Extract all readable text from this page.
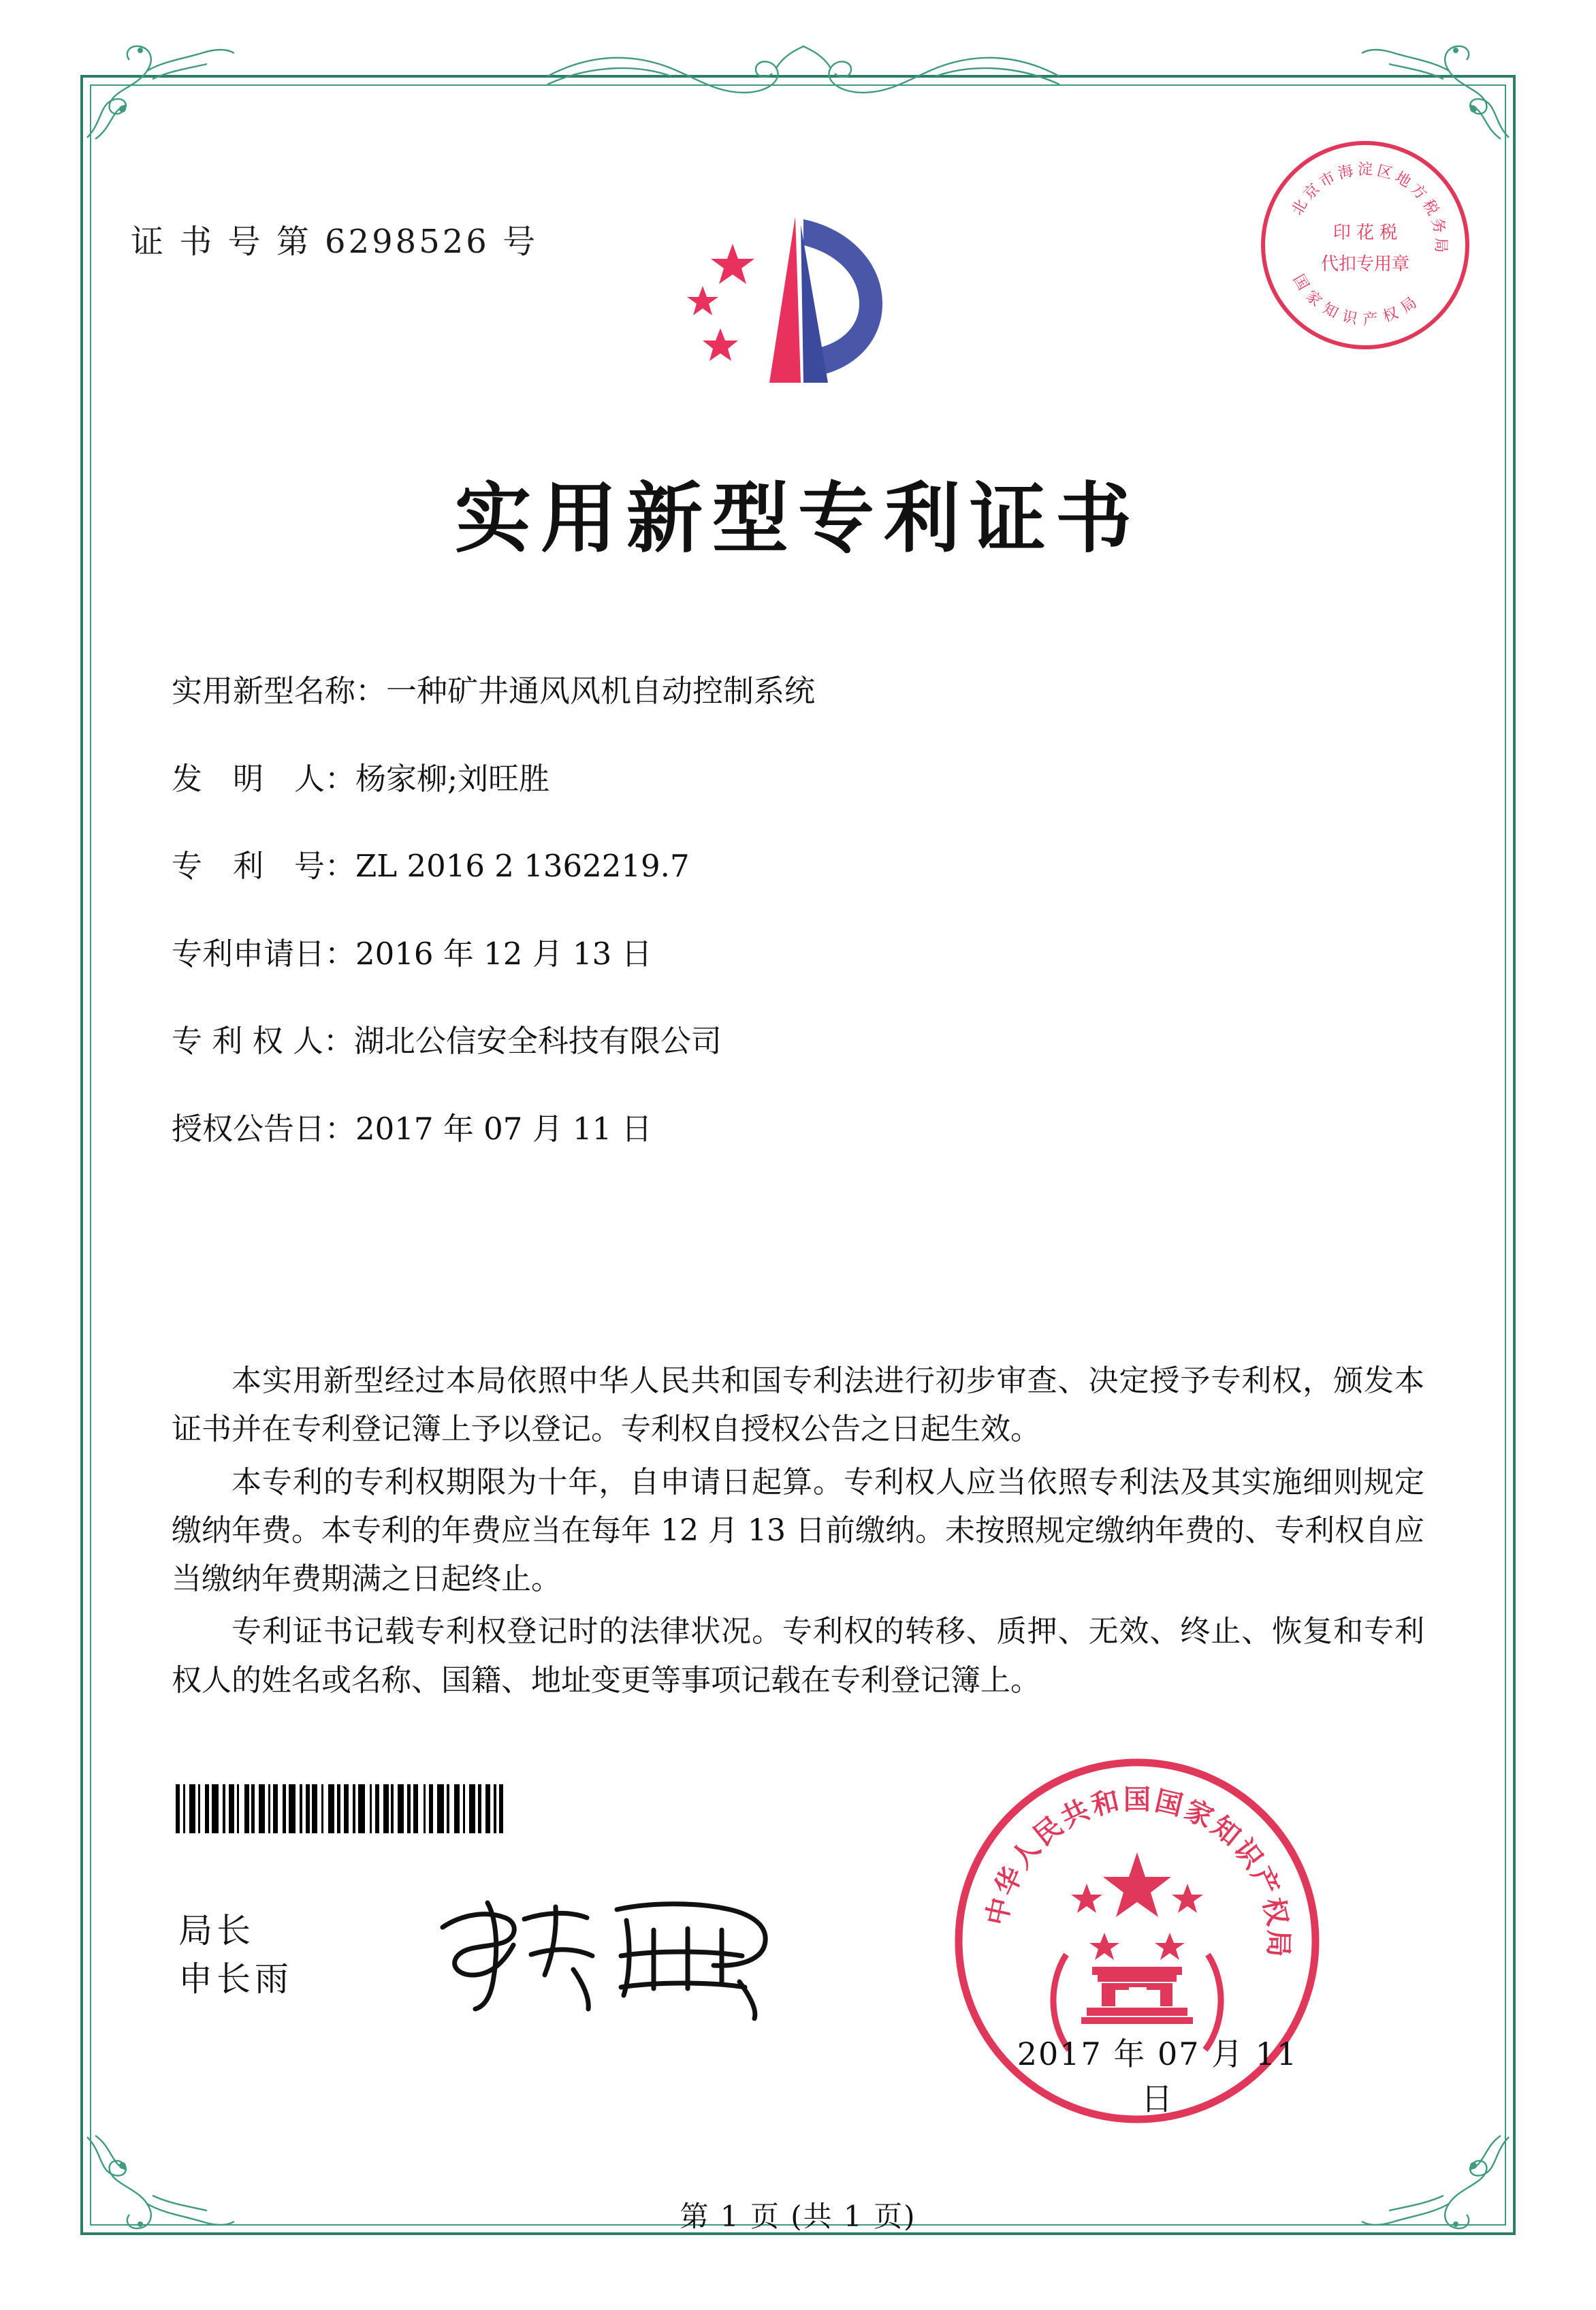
证 书 号 第 6298526 号
北
京
市
海 淀 区
地
方
税
务
局
国
家
知 识 产 权
局
印 花 税
代扣专用章
实用新型专利证书
实用新型名称：一种矿井通风风机自动控制系统
发　明　人：杨家柳;刘旺胜
专　利　号：ZL 2016 2 1362219.7
专利申请日：2016 年 12 月 13 日
专 利 权 人：湖北公信安全科技有限公司
授权公告日：2017 年 07 月 11 日

本实用新型经过本局依照中华人民共和国专利法进行初步审查、决定授予专利权，颁发本证书并在专利登记簿上予以登记。专利权自授权公告之日起生效。

本专利的专利权期限为十年，自申请日起算。专利权人应当依照专利法及其实施细则规定缴纳年费。本专利的年费应当在每年 12 月 13 日前缴纳。未按照规定缴纳年费的、专利权自应当缴纳年费期满之日起终止。

专利证书记载专利权登记时的法律状况。专利权的转移、质押、无效、终止、恢复和专利权人的姓名或名称、国籍、地址变更等事项记载在专利登记簿上。

局长
申长雨
中
华
人
民
共
和 国 国
家
知
识
产
权
局
2017 年 07 月 11 日
第 1 页 (共 1 页)
